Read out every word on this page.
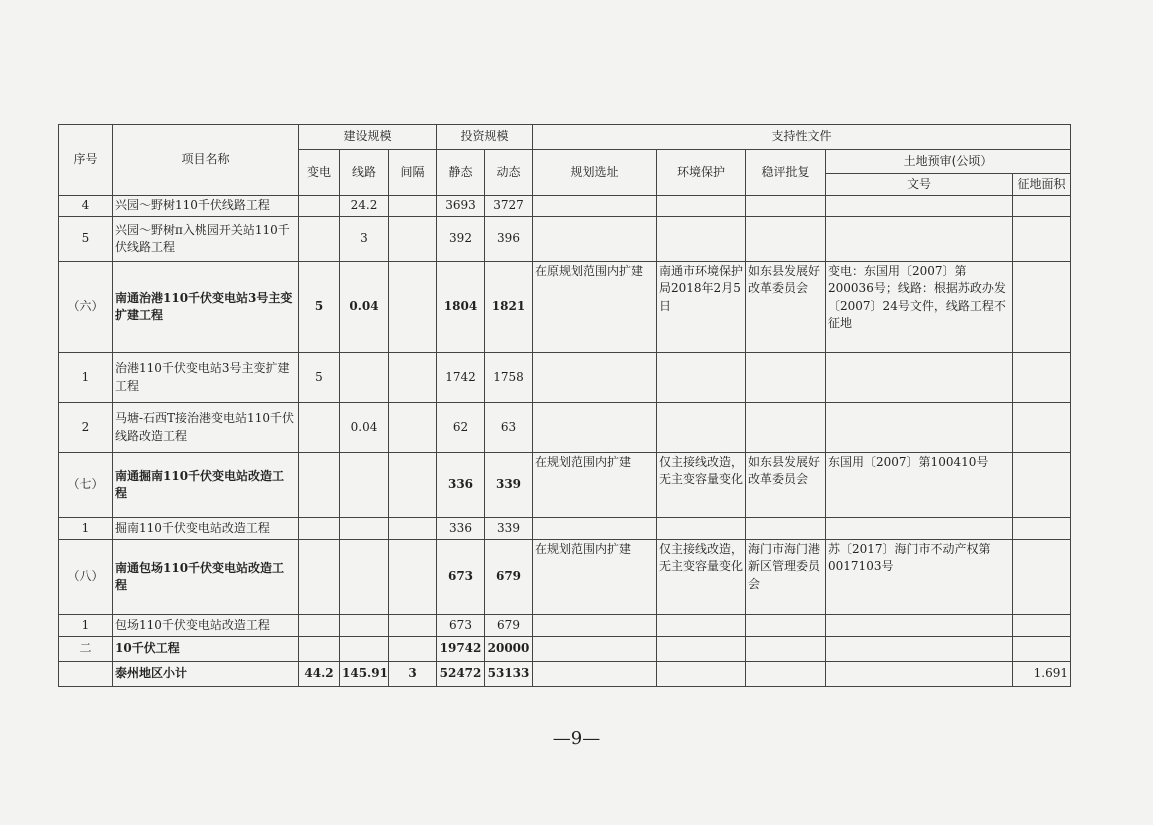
序号	项目名称	建设规模			投资规模		支持性文件				
		变电	线路	间隔	静态	动态	规划选址	环境保护	稳评批复	土地预审(公顷）	
										文号	征地面积
4	兴园～野树110千伏线路工程		24.2		3693	3727					
5	兴园～野树π入桃园开关站110千伏线路工程		3		392	396					
（六）	南通治港110千伏变电站3号主变扩建工程	5	0.04		1804	1821	在原规划范围内扩建	南通市环境保护局2018年2月5日	如东县发展好改革委员会	变电：东国用〔2007〕第200036号；线路：根据苏政办发〔2007〕24号文件，线路工程不征地	
1	治港110千伏变电站3号主变扩建工程	5			1742	1758					
2	马塘-石西T接治港变电站110千伏线路改造工程		0.04		62	63					
（七）	南通掘南110千伏变电站改造工程				336	339	在规划范围内扩建	仅主接线改造，无主变容量变化	如东县发展好改革委员会	东国用〔2007〕第100410号	
1	掘南110千伏变电站改造工程				336	339					
（八）	南通包场110千伏变电站改造工程				673	679	在规划范围内扩建	仅主接线改造，无主变容量变化	海门市海门港新区管理委员会	苏〔2017〕海门市不动产权第0017103号	
1	包场110千伏变电站改造工程				673	679					
二	10千伏工程				19742	20000					
	泰州地区小计	44.2	145.91	3	52472	53133					1.691
—9—
